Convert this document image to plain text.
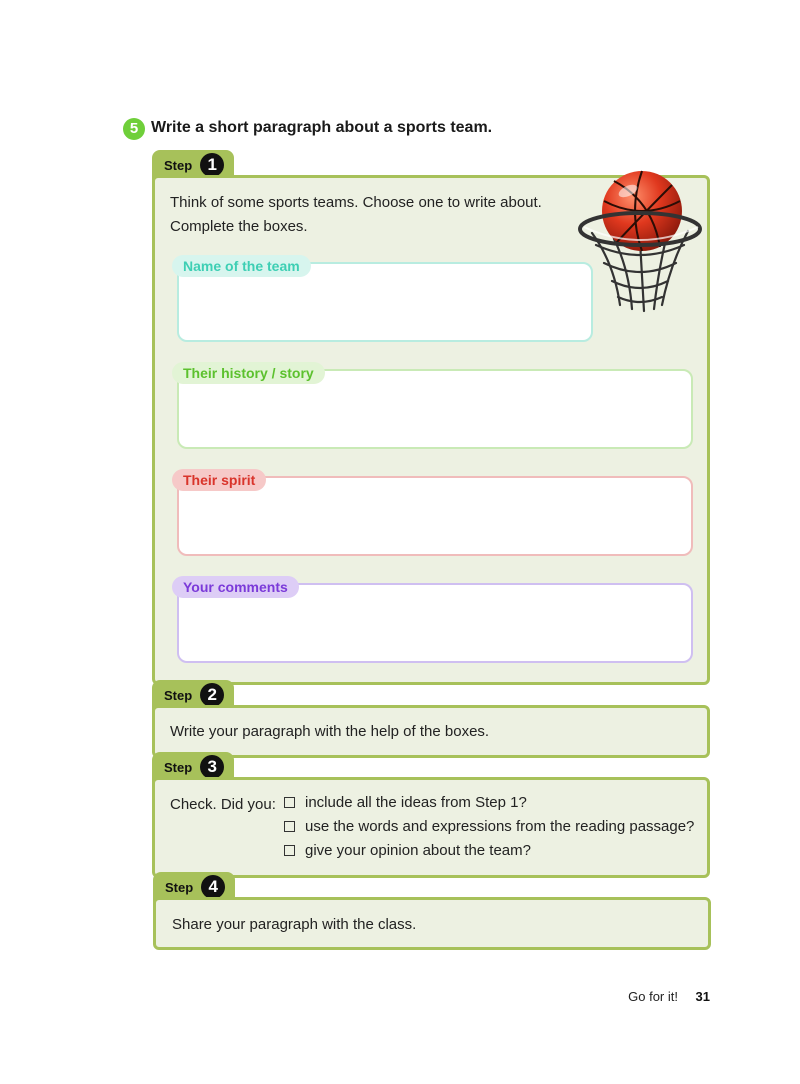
5 Write a short paragraph about a sports team.
Step 1
Think of some sports teams. Choose one to write about.
Complete the boxes.
Name of the team
Their history / story
Their spirit
Your comments
Step 2
Write your paragraph with the help of the boxes.
Step 3
Check. Did you: include all the ideas from Step 1?
use the words and expressions from the reading passage?
give your opinion about the team?
Step 4
Share your paragraph with the class.
Go for it! 31
